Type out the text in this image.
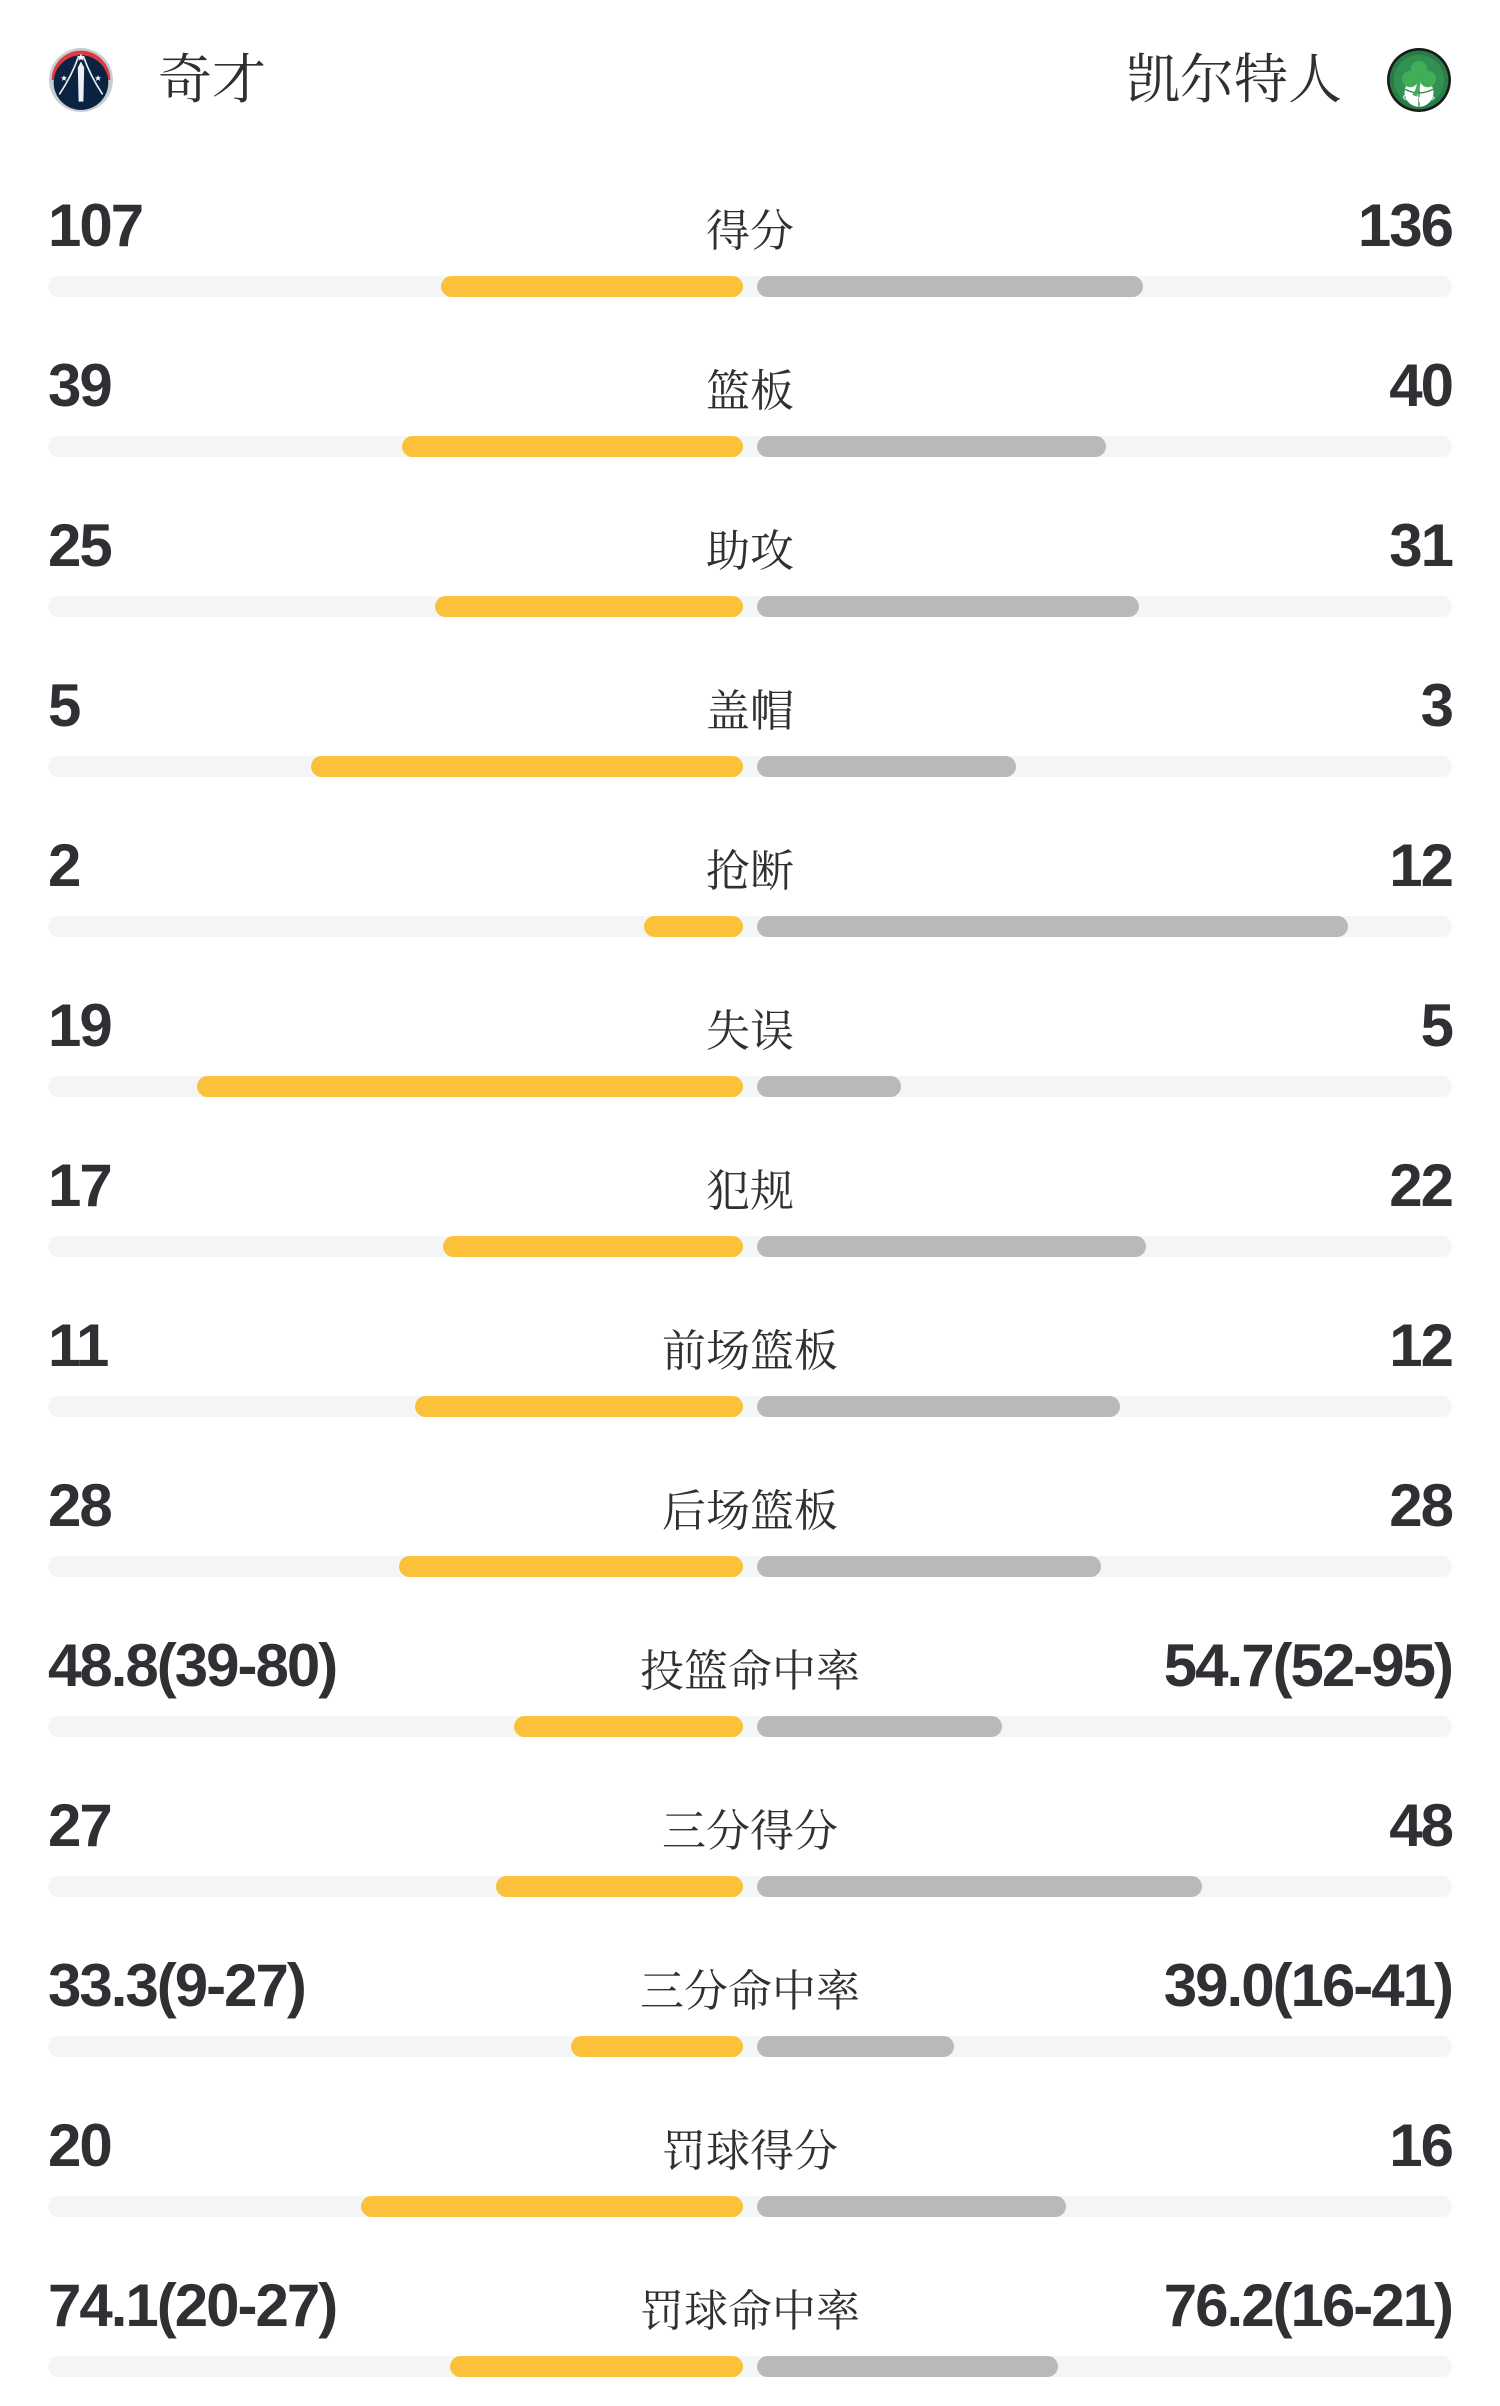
奇才	凯尔特人	CELTICS
107	得分	136
39	篮板	40
25	助攻	31
5	盖帽	3
2	抢断	12
19	失误	5
17	犯规	22
11	前场篮板	12
28	后场篮板	28
48.8(39-80)	投篮命中率	54.7(52-95)
27	三分得分	48
33.3(9-27)	三分命中率	39.0(16-41)
20	罚球得分	16
74.1(20-27)	罚球命中率	76.2(16-21)
